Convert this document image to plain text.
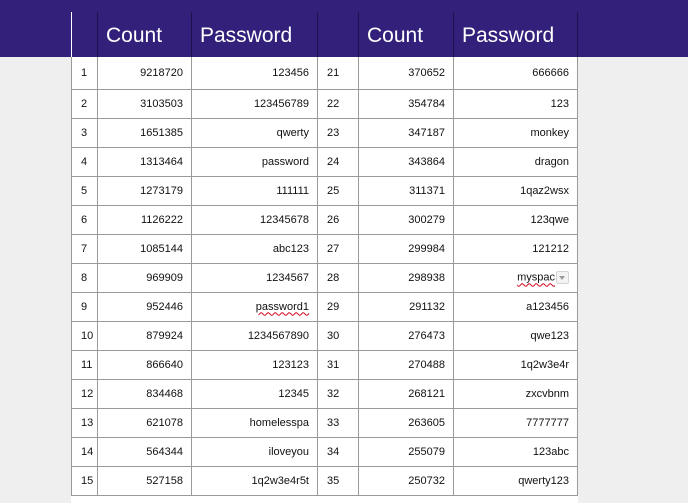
	Count	Password		Count	Password
1	9218720	123456	21	370652	666666
2	3103503	123456789	22	354784	123
3	1651385	qwerty	23	347187	monkey
4	1313464	password	24	343864	dragon
5	1273179	111111	25	311371	1qaz2wsx
6	1126222	12345678	26	300279	123qwe
7	1085144	abc123	27	299984	121212
8	969909	1234567	28	298938	myspac
9	952446	password1	29	291132	a123456
10	879924	1234567890	30	276473	qwe123
11	866640	123123	31	270488	1q2w3e4r
12	834468	12345	32	268121	zxcvbnm
13	621078	homelesspa	33	263605	7777777
14	564344	iloveyou	34	255079	123abc
15	527158	1q2w3e4r5t	35	250732	qwerty123
